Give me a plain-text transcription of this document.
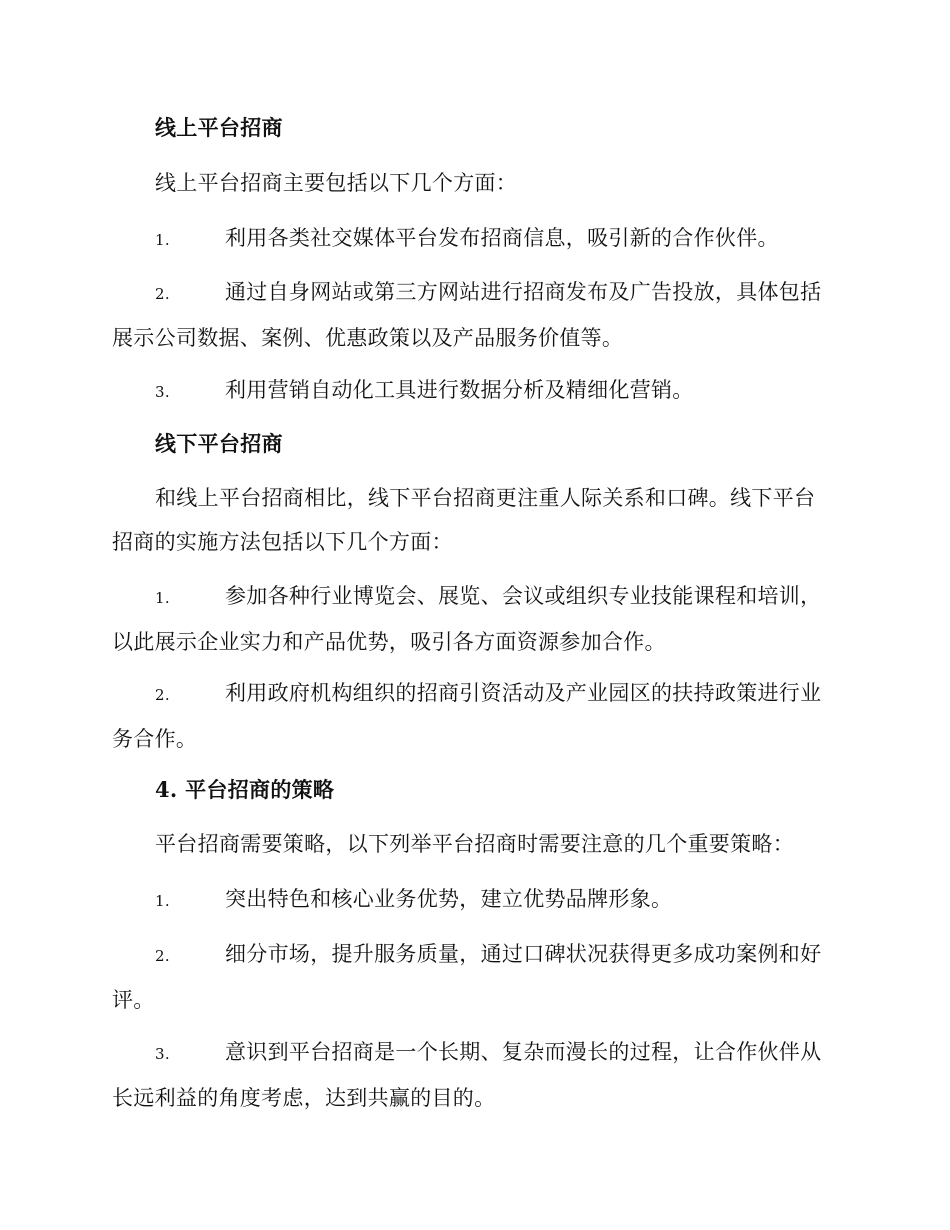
线上平台招商
线上平台招商主要包括以下几个方面：
1.	利用各类社交媒体平台发布招商信息，吸引新的合作伙伴。
2.	通过自身网站或第三方网站进行招商发布及广告投放，具体包括展示公司数据、案例、优惠政策以及产品服务价值等。
3.	利用营销自动化工具进行数据分析及精细化营销。
线下平台招商
和线上平台招商相比，线下平台招商更注重人际关系和口碑。线下平台招商的实施方法包括以下几个方面：
1.	参加各种行业博览会、展览、会议或组织专业技能课程和培训，以此展示企业实力和产品优势，吸引各方面资源参加合作。
2.	利用政府机构组织的招商引资活动及产业园区的扶持政策进行业务合作。
4. 平台招商的策略
平台招商需要策略，以下列举平台招商时需要注意的几个重要策略：
1.	突出特色和核心业务优势，建立优势品牌形象。
2.	细分市场，提升服务质量，通过口碑状况获得更多成功案例和好评。
3.	意识到平台招商是一个长期、复杂而漫长的过程，让合作伙伴从长远利益的角度考虑，达到共赢的目的。
